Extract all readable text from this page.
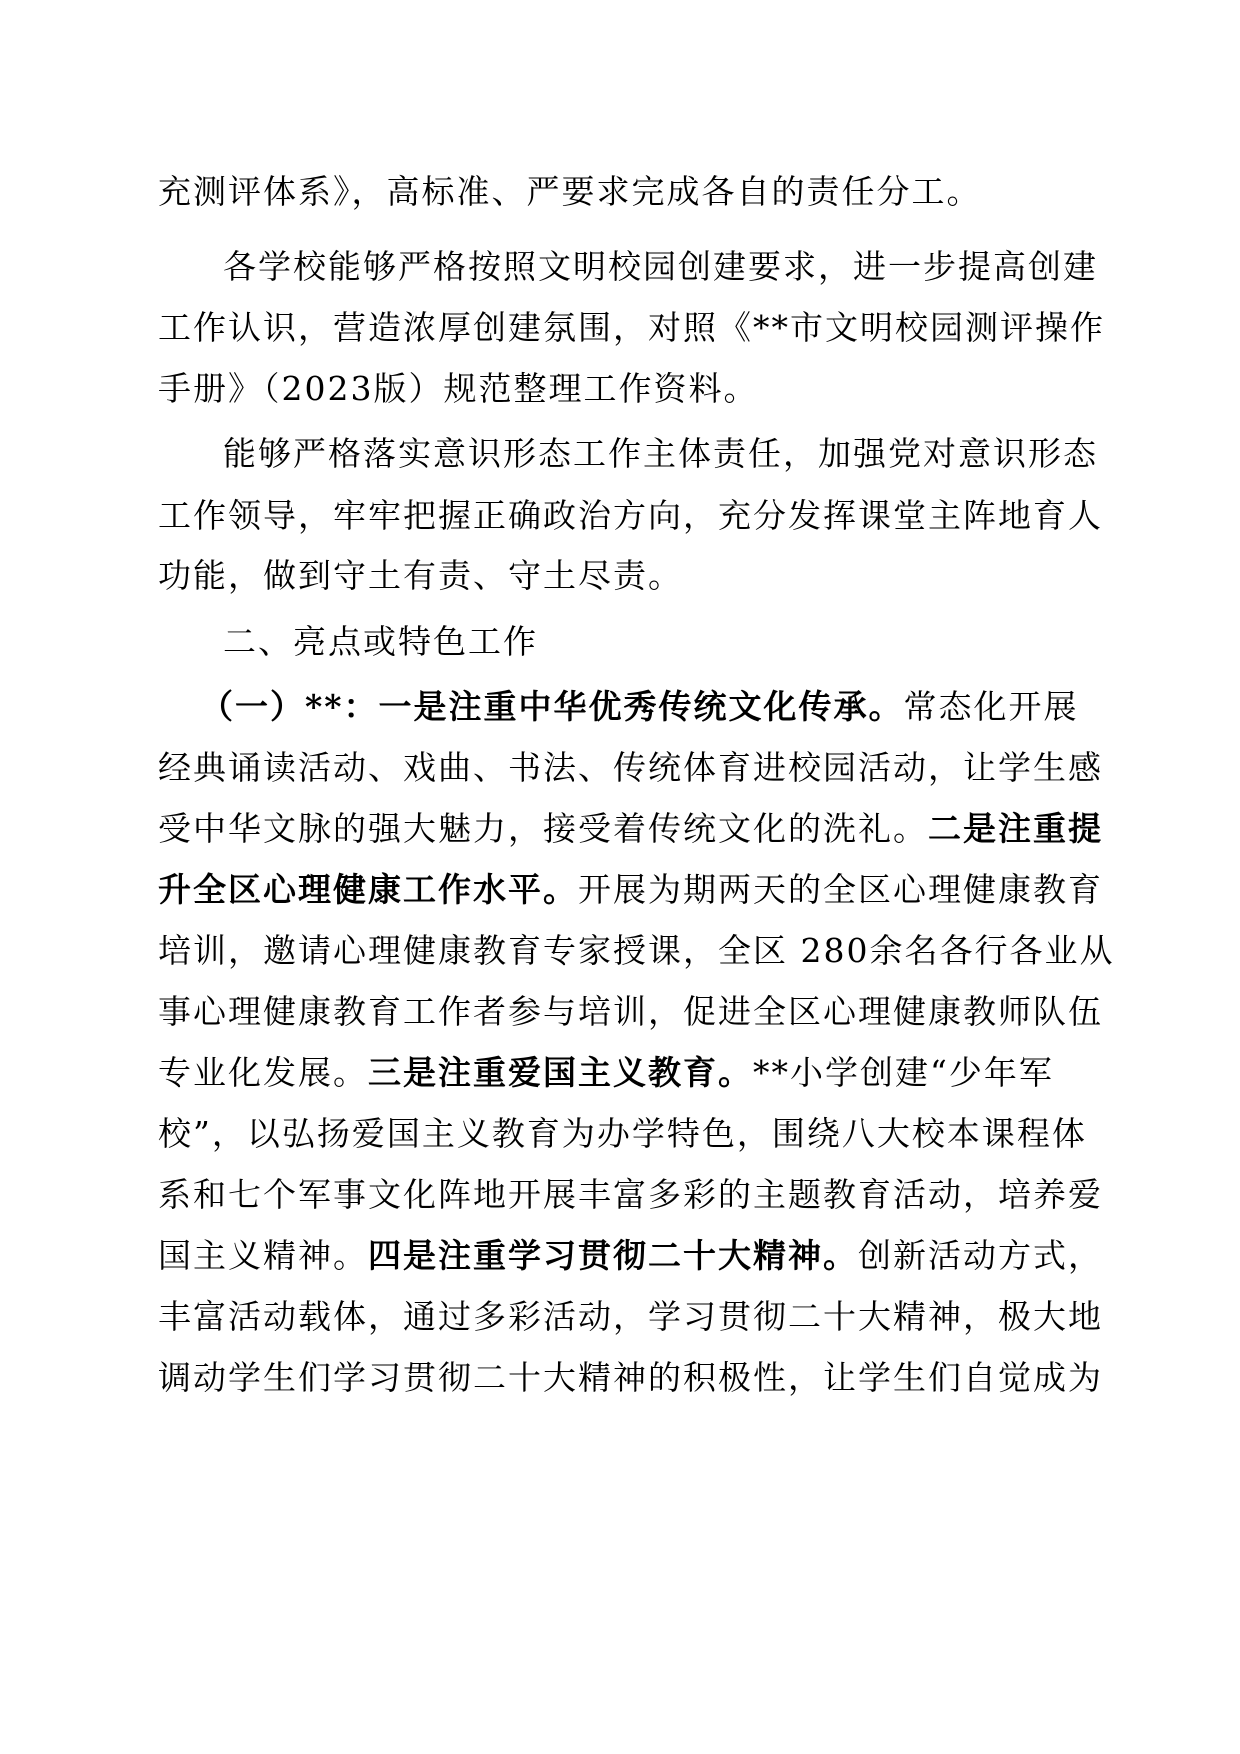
充测评体系》，高标准、严要求完成各自的责任分工。
各学校能够严格按照文明校园创建要求，进一步提高创建
工作认识，营造浓厚创建氛围，对照《**市文明校园测评操作
手册》（2023版）规范整理工作资料。
能够严格落实意识形态工作主体责任，加强党对意识形态
工作领导，牢牢把握正确政治方向，充分发挥课堂主阵地育人
功能，做到守土有责、守土尽责。
二、亮点或特色工作
（一）**：一是注重中华优秀传统文化传承。常态化开展
经典诵读活动、戏曲、书法、传统体育进校园活动，让学生感
受中华文脉的强大魅力，接受着传统文化的洗礼。二是注重提
升全区心理健康工作水平。开展为期两天的全区心理健康教育
培训，邀请心理健康教育专家授课，全区 280余名各行各业从
事心理健康教育工作者参与培训，促进全区心理健康教师队伍
专业化发展。三是注重爱国主义教育。**小学创建“少年军
校”，以弘扬爱国主义教育为办学特色，围绕八大校本课程体
系和七个军事文化阵地开展丰富多彩的主题教育活动，培养爱
国主义精神。四是注重学习贯彻二十大精神。创新活动方式，
丰富活动载体，通过多彩活动，学习贯彻二十大精神，极大地
调动学生们学习贯彻二十大精神的积极性，让学生们自觉成为
